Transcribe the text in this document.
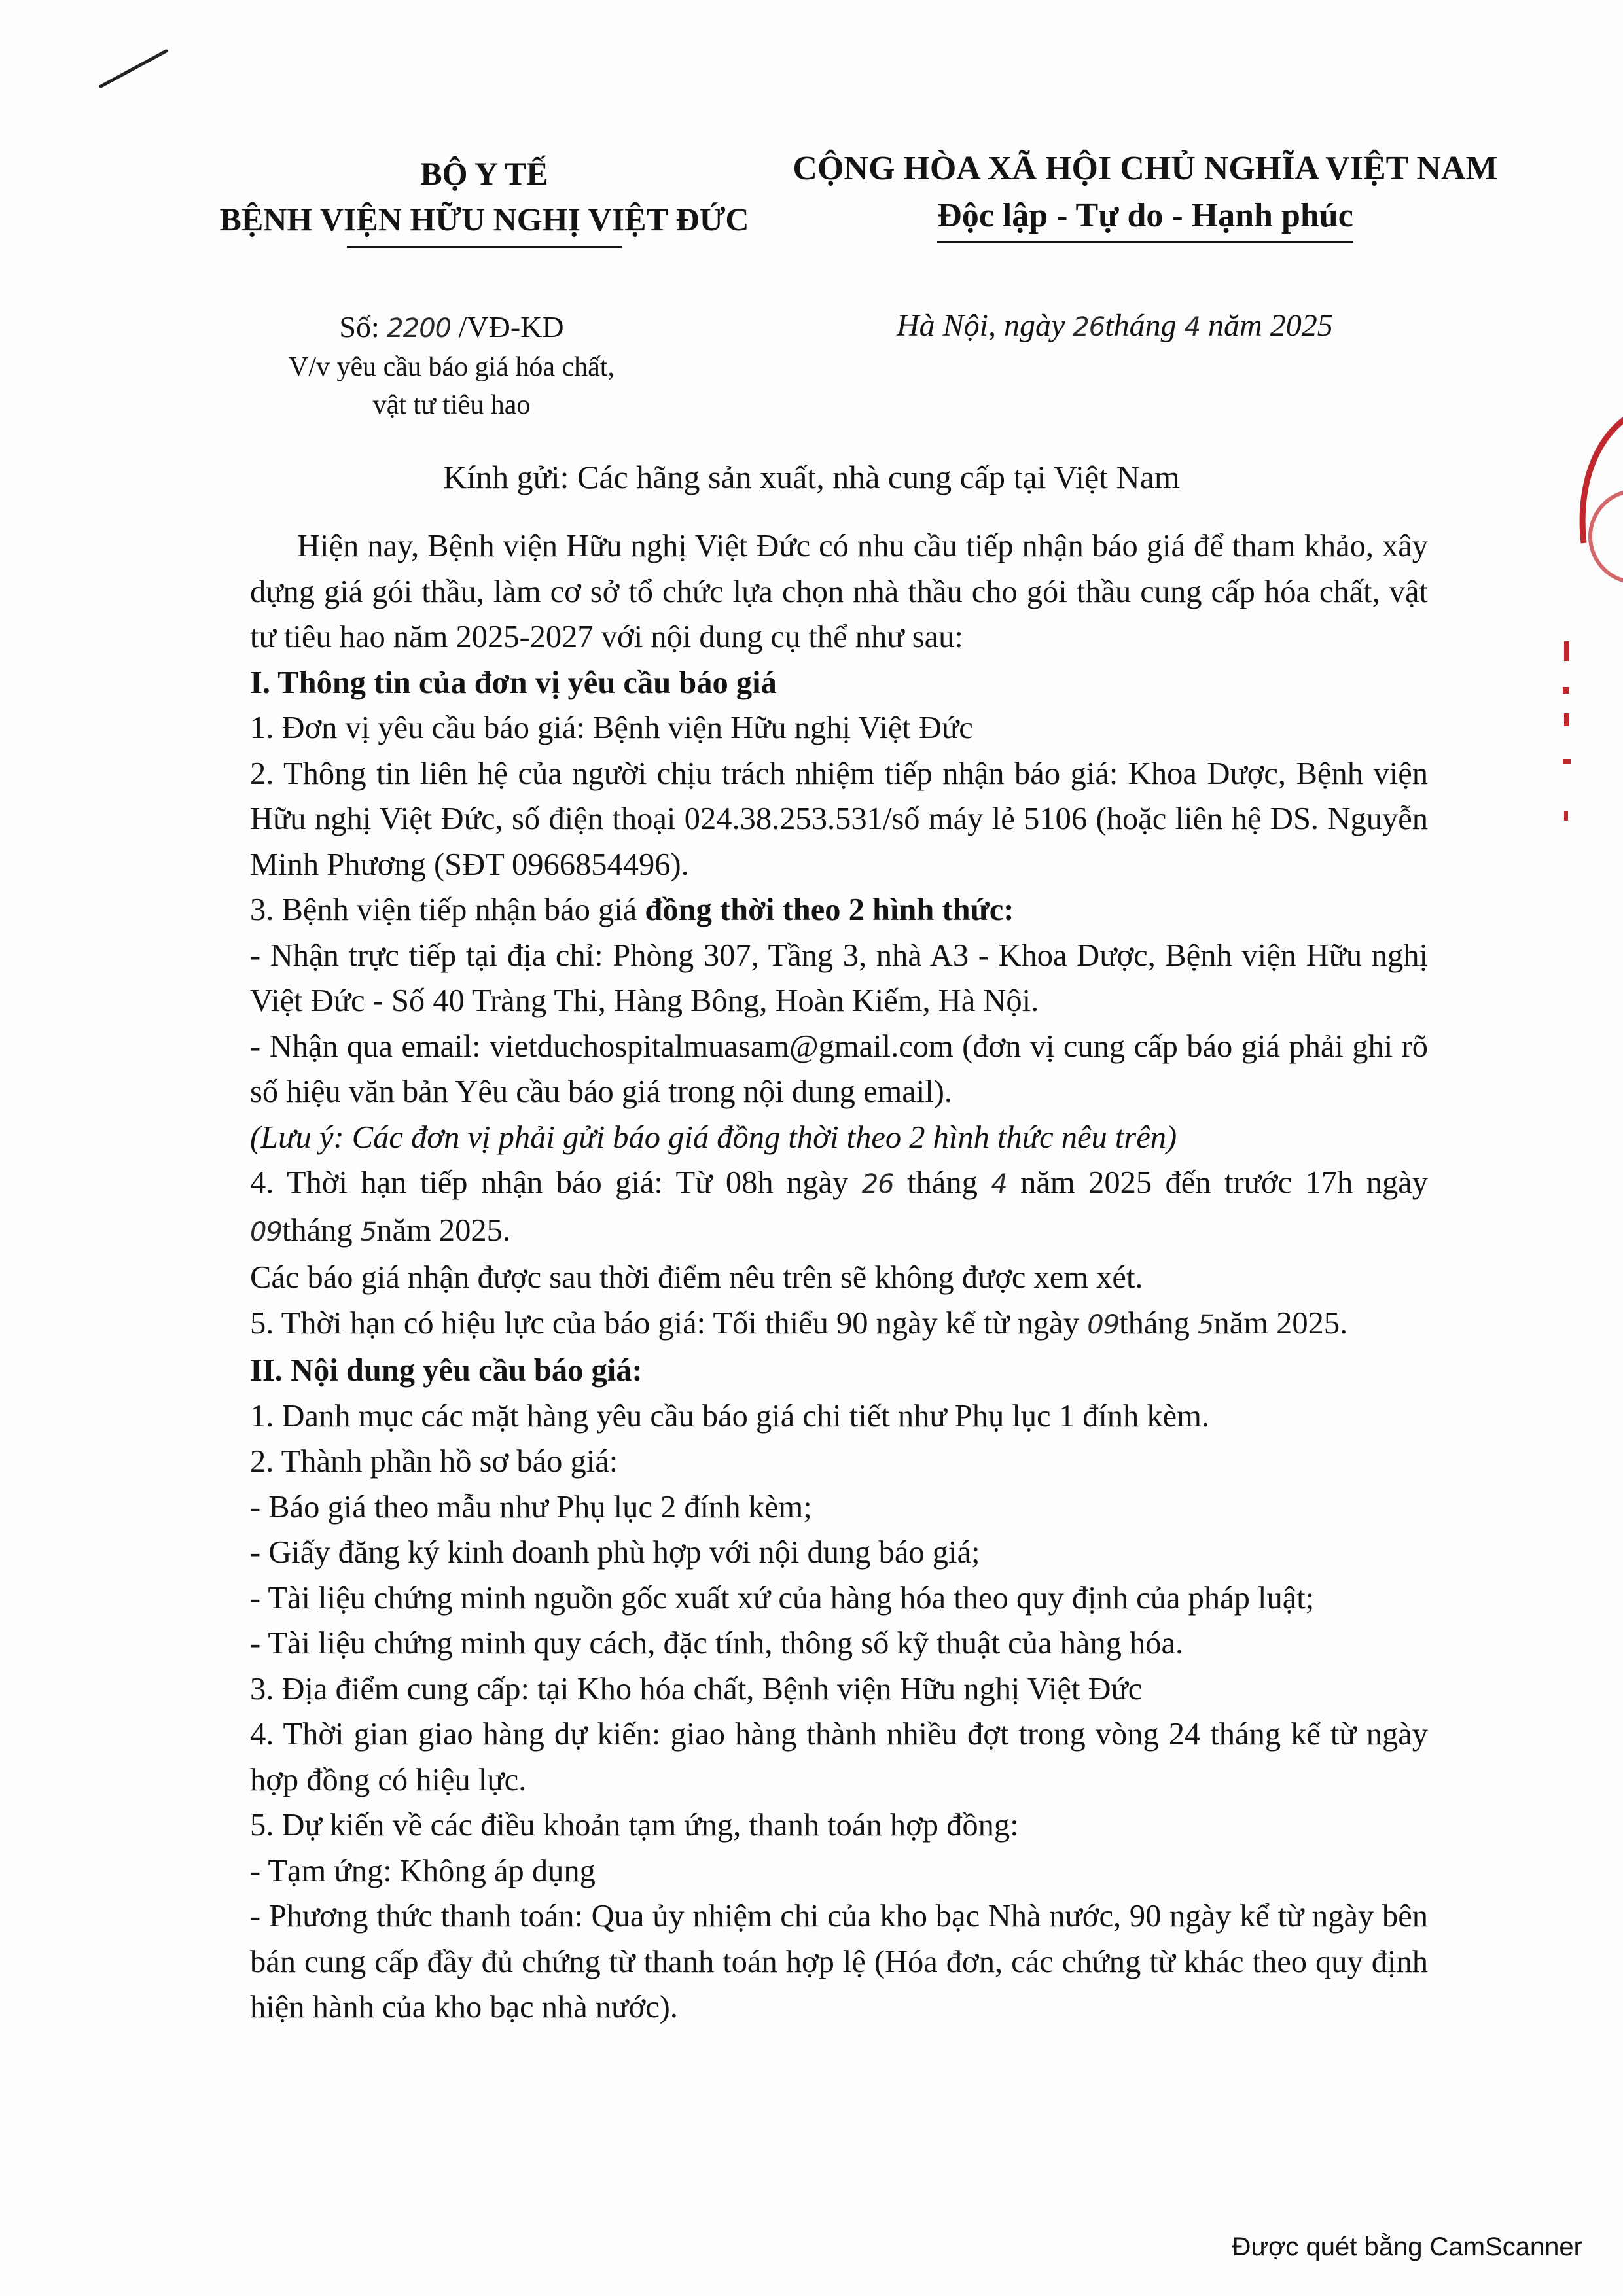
BỘ Y TẾ
BỆNH VIỆN HỮU NGHỊ VIỆT ĐỨC
CỘNG HÒA XÃ HỘI CHỦ NGHĨA VIỆT NAM
Độc lập - Tự do - Hạnh phúc
Số: 2200 /VĐ-KD
V/v yêu cầu báo giá hóa chất,
vật tư tiêu hao
Hà Nội, ngày 26tháng 4 năm 2025
Kính gửi: Các hãng sản xuất, nhà cung cấp tại Việt Nam

Hiện nay, Bệnh viện Hữu nghị Việt Đức có nhu cầu tiếp nhận báo giá để tham khảo, xây dựng giá gói thầu, làm cơ sở tổ chức lựa chọn nhà thầu cho gói thầu cung cấp hóa chất, vật tư tiêu hao năm 2025-2027 với nội dung cụ thể như sau:

I. Thông tin của đơn vị yêu cầu báo giá

1. Đơn vị yêu cầu báo giá: Bệnh viện Hữu nghị Việt Đức

2. Thông tin liên hệ của người chịu trách nhiệm tiếp nhận báo giá: Khoa Dược, Bệnh viện Hữu nghị Việt Đức, số điện thoại 024.38.253.531/số máy lẻ 5106 (hoặc liên hệ DS. Nguyễn Minh Phương (SĐT 0966854496).

3. Bệnh viện tiếp nhận báo giá đồng thời theo 2 hình thức:

- Nhận trực tiếp tại địa chỉ: Phòng 307, Tầng 3, nhà A3 - Khoa Dược, Bệnh viện Hữu nghị Việt Đức - Số 40 Tràng Thi, Hàng Bông, Hoàn Kiếm, Hà Nội.

- Nhận qua email: vietduchospitalmuasam@gmail.com (đơn vị cung cấp báo giá phải ghi rõ số hiệu văn bản Yêu cầu báo giá trong nội dung email).

(Lưu ý: Các đơn vị phải gửi báo giá đồng thời theo 2 hình thức nêu trên)

4. Thời hạn tiếp nhận báo giá: Từ 08h ngày 26 tháng 4 năm 2025 đến trước 17h ngày 09tháng 5năm 2025.

Các báo giá nhận được sau thời điểm nêu trên sẽ không được xem xét.

5. Thời hạn có hiệu lực của báo giá: Tối thiểu 90 ngày kể từ ngày 09tháng 5năm 2025.

II. Nội dung yêu cầu báo giá:

1. Danh mục các mặt hàng yêu cầu báo giá chi tiết như Phụ lục 1 đính kèm.

2. Thành phần hồ sơ báo giá:

- Báo giá theo mẫu như Phụ lục 2 đính kèm;

- Giấy đăng ký kinh doanh phù hợp với nội dung báo giá;

- Tài liệu chứng minh nguồn gốc xuất xứ của hàng hóa theo quy định của pháp luật;

- Tài liệu chứng minh quy cách, đặc tính, thông số kỹ thuật của hàng hóa.

3. Địa điểm cung cấp: tại Kho hóa chất, Bệnh viện Hữu nghị Việt Đức

4. Thời gian giao hàng dự kiến: giao hàng thành nhiều đợt trong vòng 24 tháng kể từ ngày hợp đồng có hiệu lực.

5. Dự kiến về các điều khoản tạm ứng, thanh toán hợp đồng:

- Tạm ứng: Không áp dụng

- Phương thức thanh toán: Qua ủy nhiệm chi của kho bạc Nhà nước, 90 ngày kể từ ngày bên bán cung cấp đầy đủ chứng từ thanh toán hợp lệ (Hóa đơn, các chứng từ khác theo quy định hiện hành của kho bạc nhà nước).

Được quét bằng CamScanner
